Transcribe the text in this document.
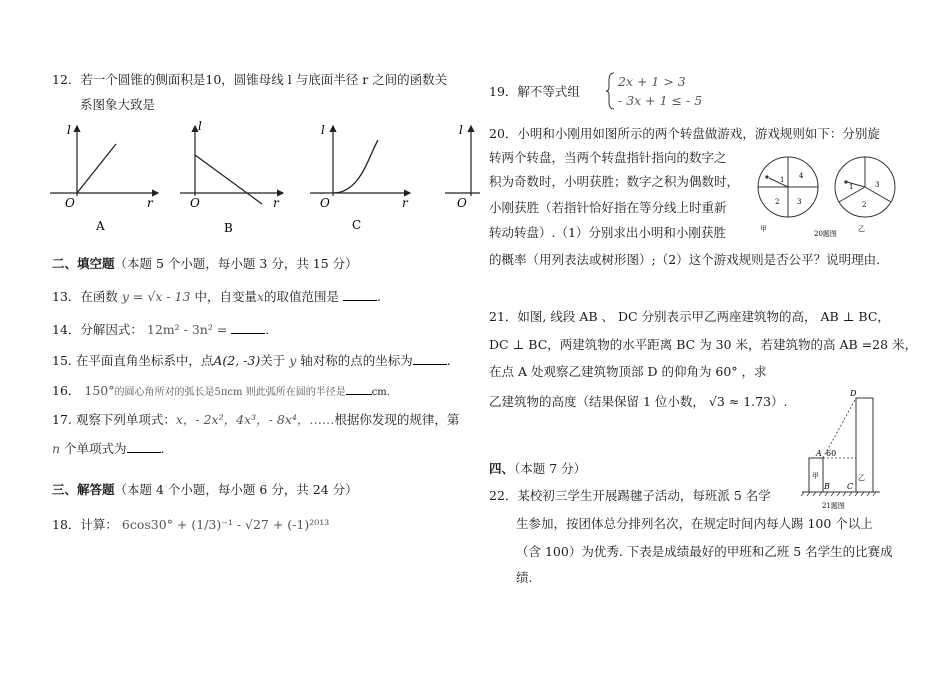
12．若一个圆锥的侧面积是10，圆锥母线 l 与底面半径 r 之间的函数关
系图象大致是
l
O	r
A
l
O	r
B
l
O	r
C
l
O
二、填空题（本题 5 个小题，每小题 3 分，共 15 分）
13．在函数 y = √x - 13 中，自变量x的取值范围是	.
14．分解因式： 12m² - 3n² =	.
15. 在平面直角坐标系中，点A(2, -3)关于 y 轴对称的点的坐标为	.
16． 150°的圆心角所对的弧长是5πcm 则此弧所在圆的半径是	cm.
17. 观察下列单项式：x，- 2x²，4x³，- 8x⁴，……根据你发现的规律，第
n 个单项式为	.
三、解答题（本题 4 个小题，每小题 6 分，共 24 分）
18．计算： 6cos30° + (1/3)⁻¹ - √27 + (-1)²⁰¹³
19．解不等式组
2x + 1 > 3
- 3x + 1 ≤ - 5
20．小明和小刚用如图所示的两个转盘做游戏，游戏规则如下：分别旋
转两个转盘，当两个转盘指针指向的数字之
积为奇数时，小明获胜；数字之积为偶数时，
小刚获胜（若指针恰好指在等分线上时重新
转动转盘）.（1）分别求出小明和小刚获胜
的概率（用列表法或树形图）;（2）这个游戏规则是否公平？说明理由.
1 4
2	3
甲
20题图
1	3
2
乙
21．如图, 线段 AB 、 DC 分别表示甲乙两座建筑物的高， AB ⊥ BC，
DC ⊥ BC，两建筑物的水平距离 BC 为 30 米，若建筑物的高 AB =28 米，
在点 A 处观察乙建筑物顶部 D 的仰角为 60° ，求
乙建筑物的高度（结果保留 1 位小数， √3 ≈ 1.73）.
D
A 60
甲
B C
乙
21题图
四、（本题 7 分）
22．某校初三学生开展踢毽子活动，每班派 5 名学
生参加，按团体总分排列名次，在规定时间内每人踢 100 个以上
（含 100）为优秀. 下表是成绩最好的甲班和乙班 5 名学生的比赛成
绩.
